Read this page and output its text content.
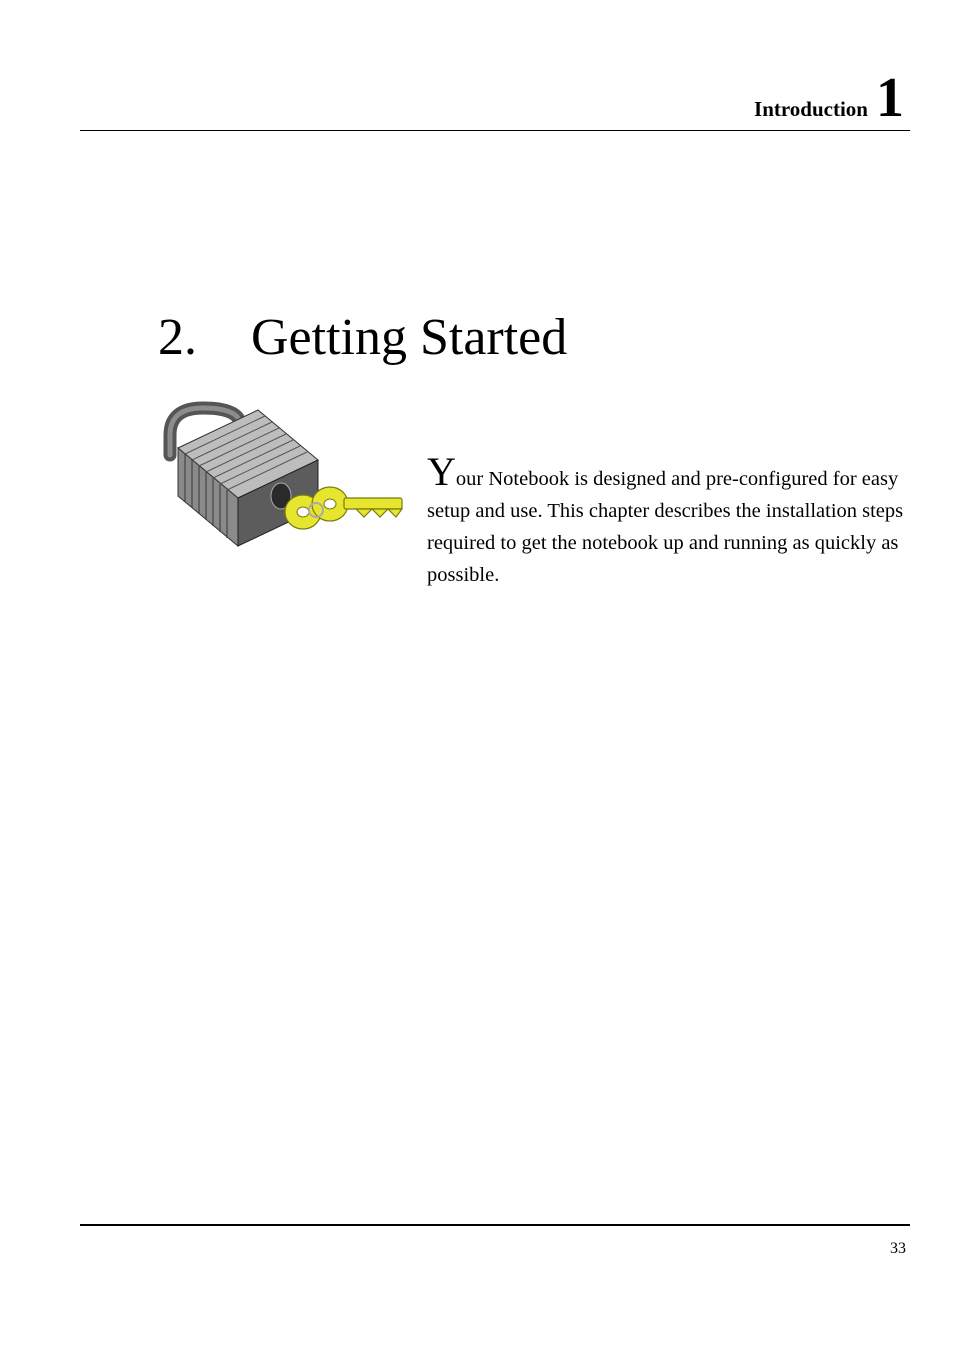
Introduction 1
2.	Getting Started

Your Notebook is designed and pre-configured for easy setup and use. This chapter describes the installation steps required to get the notebook up and running as quickly as possible.

33
